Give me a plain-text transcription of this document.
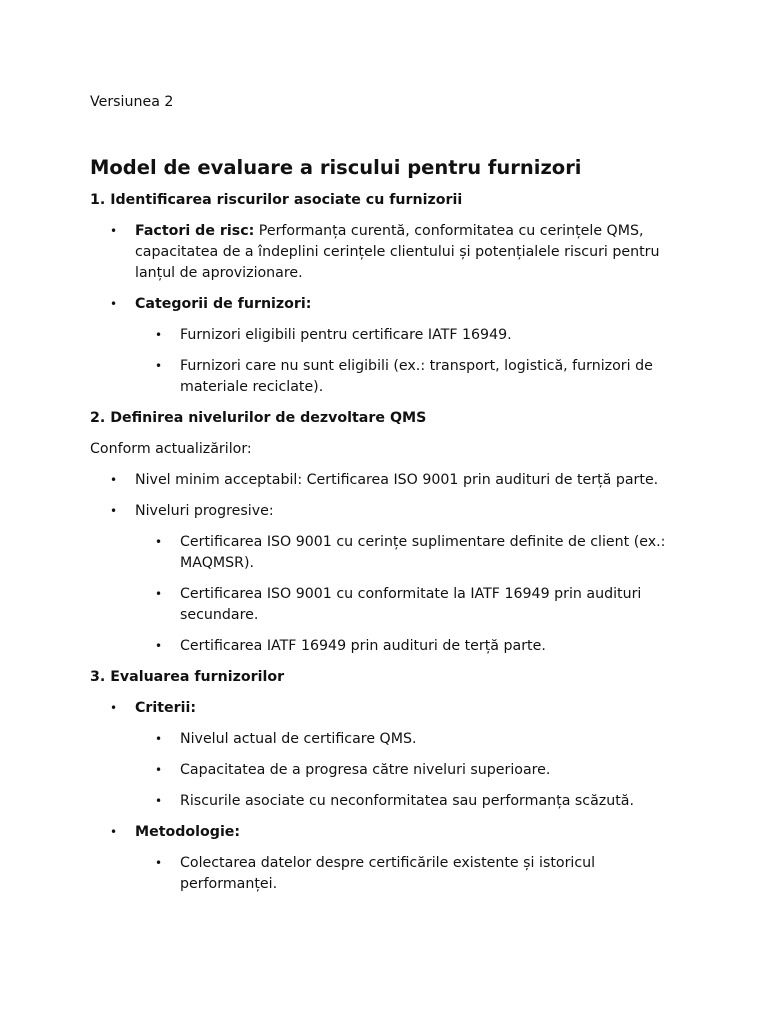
Versiunea 2

Model de evaluare a riscului pentru furnizori
1. Identificarea riscurilor asociate cu furnizorii
• Factori de risc: Performanța curentă, conformitatea cu cerințele QMS, capacitatea de a îndeplini cerințele clientului și potențialele riscuri pentru lanțul de aprovizionare.
• Categorii de furnizori:
• Furnizori eligibili pentru certificare IATF 16949.
• Furnizori care nu sunt eligibili (ex.: transport, logistică, furnizori de materiale reciclate).
2. Definirea nivelurilor de dezvoltare QMS

Conform actualizărilor:

• Nivel minim acceptabil: Certificarea ISO 9001 prin audituri de terță parte.
• Niveluri progresive:
• Certificarea ISO 9001 cu cerințe suplimentare definite de client (ex.: MAQMSR).
• Certificarea ISO 9001 cu conformitate la IATF 16949 prin audituri secundare.
• Certificarea IATF 16949 prin audituri de terță parte.
3. Evaluarea furnizorilor
• Criterii:
• Nivelul actual de certificare QMS.
• Capacitatea de a progresa către niveluri superioare.
• Riscurile asociate cu neconformitatea sau performanța scăzută.
• Metodologie:
• Colectarea datelor despre certificările existente și istoricul performanței.
